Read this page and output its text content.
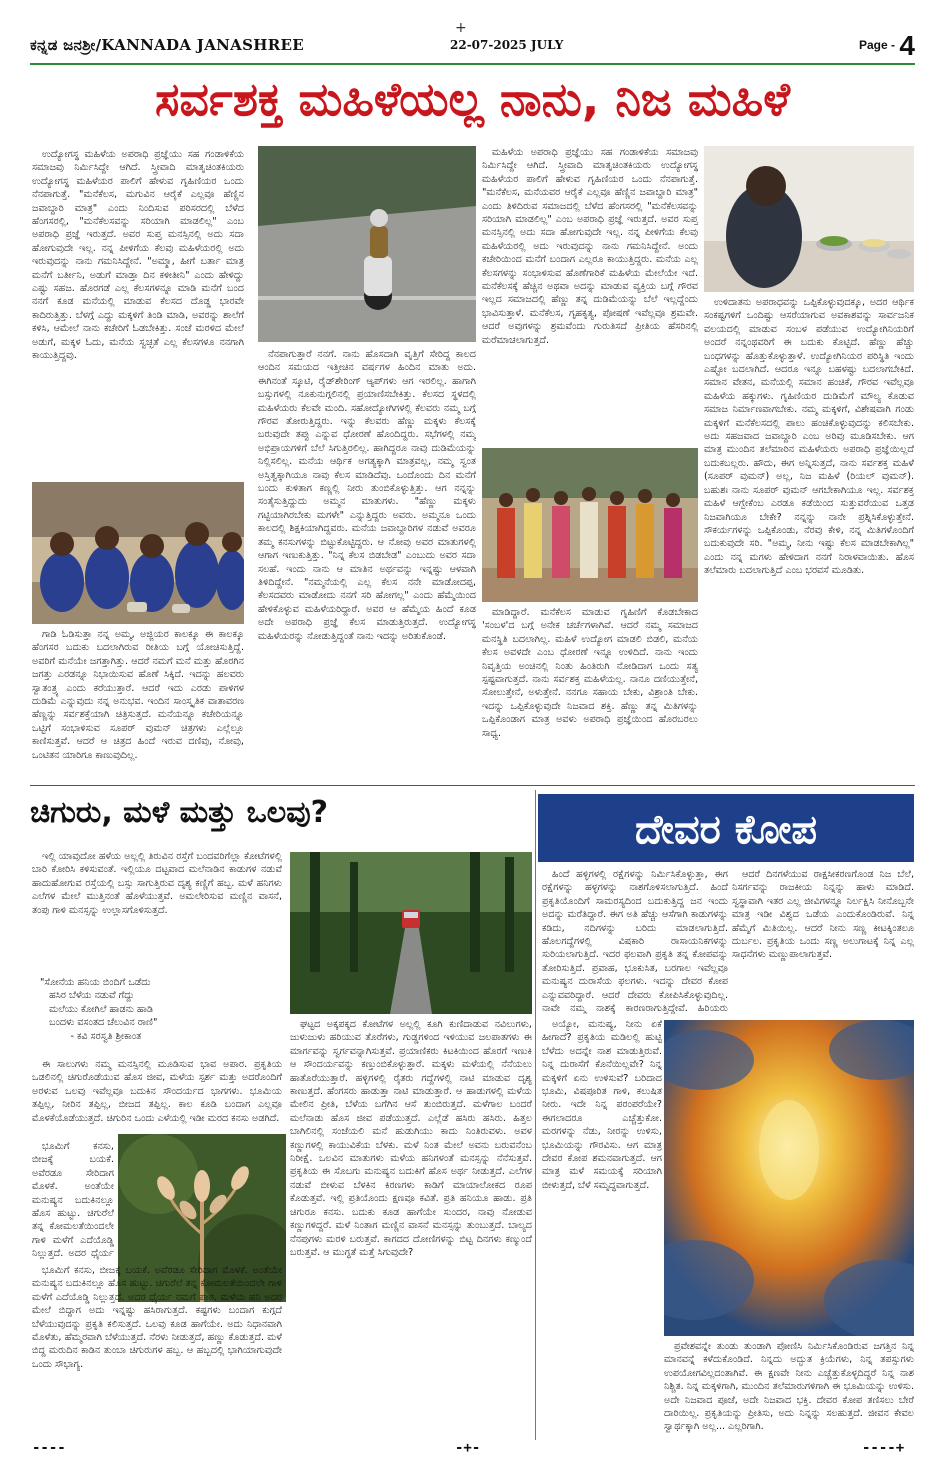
ಕನ್ನಡ ಜನಶ್ರೀ/KANNADA JANASHREE
+
22-07-2025 JULY	$^{Page -}$ 4
ಸರ್ವಶಕ್ತ ಮಹಿಳೆಯಲ್ಲ ನಾನು, ನಿಜ ಮಹಿಳೆ

ಉದ್ಯೋಗಸ್ಥ ಮಹಿಳೆಯ ಅಪರಾಧಿ ಪ್ರಜ್ಞೆಯು ಸಹ ಗಂಡಾಳಿಕೆಯ ಸಮಾಜವು ನಿರ್ಮಿಸಿದ್ದೇ ಆಗಿದೆ. ಸ್ತ್ರೀವಾದಿ ಮಾತೃಚಿಂತಕಿಯರು ಉದ್ಯೋಗಸ್ಥ ಮಹಿಳೆಯರ ಪಾಲಿಗೆ ಹೇಳುವ ಗೃಹಿಣಿಯರ ಒಂದು ನೆನಪಾಗುತ್ತೆ. "ಮನೆಕೆಲಸ, ಮಗುವಿನ ಆರೈಕೆ ಎಲ್ಲವೂ ಹೆಣ್ಣಿನ ಜವಾಬ್ದಾರಿ ಮಾತ್ರ" ಎಂದು ನಿಂದಿಸುವ ಪರಿಸರದಲ್ಲಿ ಬೆಳೆದ ಹೆಂಗಸರಲ್ಲಿ, "ಮನೆಕೆಲಸವನ್ನು ಸರಿಯಾಗಿ ಮಾಡಲಿಲ್ಲ" ಎಂಬ ಅಪರಾಧಿ ಪ್ರಜ್ಞೆ ಇರುತ್ತದೆ. ಅವರ ಸುಪ್ತ ಮನಸ್ಸಿನಲ್ಲಿ ಅದು ಸದಾ ಹೋಗುವುದೇ ಇಲ್ಲ. ನನ್ನ ಪೀಳಿಗೆಯ ಕೆಲವು ಮಹಿಳೆಯರಲ್ಲಿ ಅದು ಇರುವುದನ್ನು ನಾನು ಗಮನಿಸಿದ್ದೇನೆ. "ಅಮ್ಮಾ, ಹೀಗೆ ಬರ್ತಾ ಮಾತ್ರ ಮನೆಗೆ ಬರ್ತೀನಿ, ಅಡುಗೆ ಮಾಡ್ತಾ ದಿನ ಕಳೀತೀನಿ" ಎಂದು ಹೇಳಿದ್ದು ಎಷ್ಟು ಸಹಜ. ಹೊರಗಡೆ ಎಲ್ಲ ಕೆಲಸಗಳನ್ನೂ ಮಾಡಿ ಮನೆಗೆ ಬಂದ ನನಗೆ ಕೂಡ ಮನೆಯಲ್ಲಿ ಮಾಡುವ ಕೆಲಸದ ದೊಡ್ಡ ಭಾರವೇ ಕಾದಿರುತ್ತಿತ್ತು. ಬೆಳಗ್ಗೆ ಎದ್ದು ಮಕ್ಕಳಿಗೆ ತಿಂಡಿ ಮಾಡಿ, ಅವರನ್ನು ಶಾಲೆಗೆ ಕಳಿಸಿ, ಆಮೇಲೆ ನಾನು ಕಚೇರಿಗೆ ಓಡಬೇಕಿತ್ತು. ಸಂಜೆ ಮರಳಿದ ಮೇಲೆ ಅಡುಗೆ, ಮಕ್ಕಳ ಓದು, ಮನೆಯ ಸ್ವಚ್ಛತೆ ಎಲ್ಲ ಕೆಲಸಗಳೂ ನನಗಾಗಿ ಕಾಯುತ್ತಿದ್ದವು.

ಗಾಡಿ ಓಡಿಸುತ್ತಾ ನನ್ನ ಅಮ್ಮ, ಅಜ್ಜಿಯರ ಕಾಲಕ್ಕೂ ಈ ಕಾಲಕ್ಕೂ ಹೆಂಗಸರ ಬದುಕು ಬದಲಾಗಿರುವ ರೀತಿಯ ಬಗ್ಗೆ ಯೋಚಿಸುತ್ತಿದ್ದೆ. ಅವರಿಗೆ ಮನೆಯೇ ಜಗತ್ತಾಗಿತ್ತು. ಆದರೆ ನಮಗೆ ಮನೆ ಮತ್ತು ಹೊರಗಿನ ಜಗತ್ತು ಎರಡನ್ನೂ ನಿಭಾಯಿಸುವ ಹೊಣೆ ಸಿಕ್ಕಿದೆ. ಇದನ್ನು ಹಲವರು ಸ್ವಾತಂತ್ರ್ಯ ಎಂದು ಕರೆಯುತ್ತಾರೆ. ಆದರೆ ಇದು ಎರಡು ಪಾಳಿಗಳ ದುಡಿಮೆ ಎನ್ನುವುದು ನನ್ನ ಅನುಭವ. ಇಂದಿನ ಸಾಂಸ್ಕೃತಿಕ ವಾತಾವರಣ ಹೆಣ್ಣನ್ನು ಸರ್ವಶಕ್ತೆಯಾಗಿ ಚಿತ್ರಿಸುತ್ತದೆ. ಮನೆಯನ್ನೂ ಕಚೇರಿಯನ್ನೂ ಒಟ್ಟಿಗೆ ಸಂಭಾಳಿಸುವ ಸೂಪರ್ ವುಮನ್ ಚಿತ್ರಗಳು ಎಲ್ಲೆಲ್ಲೂ ಕಾಣಿಸುತ್ತವೆ. ಆದರೆ ಆ ಚಿತ್ರದ ಹಿಂದೆ ಇರುವ ದಣಿವು, ನೋವು, ಒಂಟಿತನ ಯಾರಿಗೂ ಕಾಣುವುದಿಲ್ಲ.

ನೆನಪಾಗುತ್ತಾರೆ ನನಗೆ. ನಾನು ಹೊಸದಾಗಿ ವೃತ್ತಿಗೆ ಸೇರಿದ್ದ ಕಾಲದ ಆಂದಿನ ಸಮಯದ ಇತ್ತೀಚಿನ ವರ್ಷಗಳ ಹಿಂದಿನ ಮಾತು ಅದು. ಈಗಿನಂತೆ ಸ್ಕೂಟಿ, ರೈಡ್‌ಶೇರಿಂಗ್ ಆ್ಯಪ್‌ಗಳು ಆಗ ಇರಲಿಲ್ಲ. ಹಾಗಾಗಿ ಬಸ್ಸುಗಳಲ್ಲಿ ನೂಕುನುಗ್ಗಲಿನಲ್ಲಿ ಪ್ರಯಾಣಿಸಬೇಕಿತ್ತು. ಕೆಲಸದ ಸ್ಥಳದಲ್ಲಿ ಮಹಿಳೆಯರು ಕೆಲವೇ ಮಂದಿ. ಸಹೋದ್ಯೋಗಿಗಳಲ್ಲಿ ಕೆಲವರು ನಮ್ಮ ಬಗ್ಗೆ ಗೌರವ ತೋರುತ್ತಿದ್ದರು. ಇನ್ನು ಕೆಲವರು ಹೆಣ್ಣು ಮಕ್ಕಳು ಕೆಲಸಕ್ಕೆ ಬರುವುದೇ ತಪ್ಪು ಎನ್ನುವ ಧೋರಣೆ ಹೊಂದಿದ್ದರು. ಸಭೆಗಳಲ್ಲಿ ನಮ್ಮ ಅಭಿಪ್ರಾಯಗಳಿಗೆ ಬೆಲೆ ಸಿಗುತ್ತಿರಲಿಲ್ಲ. ಹಾಗಿದ್ದರೂ ನಾವು ದುಡಿಮೆಯನ್ನು ನಿಲ್ಲಿಸಲಿಲ್ಲ. ಮನೆಯ ಆರ್ಥಿಕ ಅಗತ್ಯಕ್ಕಾಗಿ ಮಾತ್ರವಲ್ಲ, ನಮ್ಮ ಸ್ವಂತ ಅಸ್ತಿತ್ವಕ್ಕಾಗಿಯೂ ನಾವು ಕೆಲಸ ಮಾಡಿದೆವು. ಒಂದೊಂದು ದಿನ ಮನೆಗೆ ಬಂದು ಕುಳಿತಾಗ ಕಣ್ಣಲ್ಲಿ ನೀರು ತುಂಬಿಕೊಳ್ಳುತ್ತಿತ್ತು. ಆಗ ನನ್ನನ್ನು ಸಂತೈಸುತ್ತಿದ್ದುದು ಅಮ್ಮನ ಮಾತುಗಳು. "ಹೆಣ್ಣು ಮಕ್ಕಳು ಗಟ್ಟಿಯಾಗಿರಬೇಕು ಮಗಳೇ" ಎನ್ನುತ್ತಿದ್ದರು ಅವರು. ಅಮ್ಮನೂ ಒಂದು ಕಾಲದಲ್ಲಿ ಶಿಕ್ಷಕಿಯಾಗಿದ್ದವರು. ಮನೆಯ ಜವಾಬ್ದಾರಿಗಳ ನಡುವೆ ಅವರೂ ತಮ್ಮ ಕನಸುಗಳನ್ನು ಬಿಟ್ಟುಕೊಟ್ಟಿದ್ದರು. ಆ ನೋವು ಅವರ ಮಾತುಗಳಲ್ಲಿ ಆಗಾಗ ಇಣುಕುತ್ತಿತ್ತು. "ನಿನ್ನ ಕೆಲಸ ಬಿಡಬೇಡ" ಎಂಬುದು ಅವರ ಸದಾ ಸಲಹೆ. ಇಂದು ನಾನು ಆ ಮಾತಿನ ಅರ್ಥವನ್ನು ಇನ್ನಷ್ಟು ಆಳವಾಗಿ ತಿಳಿದಿದ್ದೇನೆ. "ನಮ್ಮನೆಯಲ್ಲಿ ಎಲ್ಲ ಕೆಲಸ ನನೇ ಮಾಡೋದಪ್ಪ, ಕೆಲಸದವರು ಮಾಡೋದು ನನಗೆ ಸರಿ ಹೋಗಲ್ಲ" ಎಂದು ಹೆಮ್ಮೆಯಿಂದ ಹೇಳಿಕೊಳ್ಳುವ ಮಹಿಳೆಯರಿದ್ದಾರೆ. ಅವರ ಆ ಹೆಮ್ಮೆಯ ಹಿಂದೆ ಕೂಡ ಅದೇ ಅಪರಾಧಿ ಪ್ರಜ್ಞೆ ಕೆಲಸ ಮಾಡುತ್ತಿರುತ್ತದೆ. ಉದ್ಯೋಗಸ್ಥ ಮಹಿಳೆಯರನ್ನು ನೋಡುತ್ತಿದ್ದಂತೆ ನಾನು ಇದನ್ನು ಅರಿತುಕೊಂಡೆ.

ಮಹಿಳೆಯ ಅಪರಾಧಿ ಪ್ರಜ್ಞೆಯು ಸಹ ಗಂಡಾಳಿಕೆಯ ಸಮಾಜವು ನಿರ್ಮಿಸಿದ್ದೇ ಆಗಿದೆ. ಸ್ತ್ರೀವಾದಿ ಮಾತೃಚಿಂತಕಿಯರು ಉದ್ಯೋಗಸ್ಥ ಮಹಿಳೆಯರ ಪಾಲಿಗೆ ಹೇಳುವ ಗೃಹಿಣಿಯರ ಒಂದು ನೆನಪಾಗುತ್ತೆ. "ಮನೆಕೆಲಸ, ಮನೆಯವರ ಆರೈಕೆ ಎಲ್ಲವೂ ಹೆಣ್ಣಿನ ಜವಾಬ್ದಾರಿ ಮಾತ್ರ" ಎಂದು ತಿಳಿದಿರುವ ಸಮಾಜದಲ್ಲಿ ಬೆಳೆದ ಹೆಂಗಸರಲ್ಲಿ "ಮನೆಕೆಲಸವನ್ನು ಸರಿಯಾಗಿ ಮಾಡಲಿಲ್ಲ" ಎಂಬ ಅಪರಾಧಿ ಪ್ರಜ್ಞೆ ಇರುತ್ತದೆ. ಅವರ ಸುಪ್ತ ಮನಸ್ಸಿನಲ್ಲಿ ಅದು ಸದಾ ಹೋಗುವುದೇ ಇಲ್ಲ. ನನ್ನ ಪೀಳಿಗೆಯ ಕೆಲವು ಮಹಿಳೆಯರಲ್ಲಿ ಅದು ಇರುವುದನ್ನು ನಾನು ಗಮನಿಸಿದ್ದೇನೆ. ಅಂದು ಕಚೇರಿಯಿಂದ ಮನೆಗೆ ಬಂದಾಗ ಎಲ್ಲರೂ ಕಾಯುತ್ತಿದ್ದರು. ಮನೆಯ ಎಲ್ಲ ಕೆಲಸಗಳನ್ನು ಸಂಭಾಳಿಸುವ ಹೊಣೆಗಾರಿಕೆ ಮಹಿಳೆಯ ಮೇಲೆಯೇ ಇದೆ. ಮನೆಕೆಲಸಕ್ಕೆ ಹೆಚ್ಚಿನ ಅಥವಾ ಅದನ್ನು ಮಾಡುವ ವ್ಯಕ್ತಿಯ ಬಗ್ಗೆ ಗೌರವ ಇಲ್ಲದ ಸಮಾಜದಲ್ಲಿ ಹೆಣ್ಣು ತನ್ನ ದುಡಿಮೆಯನ್ನು ಬೆಲೆ ಇಲ್ಲದ್ದೆಂದು ಭಾವಿಸುತ್ತಾಳೆ. ಮನೆಕೆಲಸ, ಗೃಹಕೃತ್ಯ, ಪೋಷಣೆ ಇವೆಲ್ಲವೂ ಶ್ರಮವೇ. ಆದರೆ ಅವುಗಳನ್ನು ಶ್ರಮವೆಂದು ಗುರುತಿಸದೆ ಪ್ರೀತಿಯ ಹೆಸರಿನಲ್ಲಿ ಮರೆಮಾಚಲಾಗುತ್ತದೆ.

ಮಾಡಿದ್ದಾರೆ. ಮನೆಕೆಲಸ ಮಾಡುವ ಗೃಹಿಣಿಗೆ ಕೊಡಬೇಕಾದ 'ಸಂಬಳ'ದ ಬಗ್ಗೆ ಅನೇಕ ಚರ್ಚೆಗಳಾಗಿವೆ. ಆದರೆ ನಮ್ಮ ಸಮಾಜದ ಮನಸ್ಥಿತಿ ಬದಲಾಗಿಲ್ಲ. ಮಹಿಳೆ ಉದ್ಯೋಗ ಮಾಡಲಿ ಬಿಡಲಿ, ಮನೆಯ ಕೆಲಸ ಅವಳದೇ ಎಂಬ ಧೋರಣೆ ಇನ್ನೂ ಉಳಿದಿದೆ. ನಾನು ಇಂದು ನಿವೃತ್ತಿಯ ಅಂಚಿನಲ್ಲಿ ನಿಂತು ಹಿಂತಿರುಗಿ ನೋಡಿದಾಗ ಒಂದು ಸತ್ಯ ಸ್ಪಷ್ಟವಾಗುತ್ತದೆ. ನಾನು ಸರ್ವಶಕ್ತ ಮಹಿಳೆಯಲ್ಲ. ನಾನೂ ದಣಿಯುತ್ತೇನೆ, ಸೋಲುತ್ತೇನೆ, ಅಳುತ್ತೇನೆ. ನನಗೂ ಸಹಾಯ ಬೇಕು, ವಿಶ್ರಾಂತಿ ಬೇಕು. ಇದನ್ನು ಒಪ್ಪಿಕೊಳ್ಳುವುದೇ ನಿಜವಾದ ಶಕ್ತಿ. ಹೆಣ್ಣು ತನ್ನ ಮಿತಿಗಳನ್ನು ಒಪ್ಪಿಕೊಂಡಾಗ ಮಾತ್ರ ಅವಳು ಅಪರಾಧಿ ಪ್ರಜ್ಞೆಯಿಂದ ಹೊರಬರಲು ಸಾಧ್ಯ.

ಉಳಿದಾತನು ಅಪರಾಧವನ್ನು ಒಪ್ಪಿಕೊಳ್ಳುವುದಕ್ಕೂ, ಅದರ ಆರ್ಥಿಕ ಸಂಕಷ್ಟಗಳಿಗೆ ಒಂದಿಷ್ಟು ಆಸರೆಯಾಗುವ ಅವಕಾಶವನ್ನು ಸಾರ್ವಜನಿಕ ವಲಯದಲ್ಲಿ ಮಾಡುವ ಸಂಬಳ ಪಡೆಯುವ ಉದ್ಯೋಗಿನಿಯರಿಗೆ ಅಂದರೆ ನನ್ನಂಥವರಿಗೆ ಈ ಬದುಕು ಕೊಟ್ಟಿದೆ. ಹೆಣ್ಣು ಹೆಚ್ಚು ಬಂಧಗಳನ್ನು ಹೊತ್ತುಕೊಳ್ಳುತ್ತಾಳೆ. ಉದ್ಯೋಗಿನಿಯರ ಪರಿಸ್ಥಿತಿ ಇಂದು ಎಷ್ಟೋ ಬದಲಾಗಿದೆ. ಆದರೂ ಇನ್ನೂ ಬಹಳಷ್ಟು ಬದಲಾಗಬೇಕಿದೆ. ಸಮಾನ ವೇತನ, ಮನೆಯಲ್ಲಿ ಸಮಾನ ಹಂಚಿಕೆ, ಗೌರವ ಇವೆಲ್ಲವೂ ಮಹಿಳೆಯ ಹಕ್ಕುಗಳು. ಗೃಹಿಣಿಯರ ದುಡಿಮೆಗೆ ಮೌಲ್ಯ ಕೊಡುವ ಸಮಾಜ ನಿರ್ಮಾಣವಾಗಬೇಕು. ನಮ್ಮ ಮಕ್ಕಳಿಗೆ, ವಿಶೇಷವಾಗಿ ಗಂಡು ಮಕ್ಕಳಿಗೆ ಮನೆಕೆಲಸದಲ್ಲಿ ಪಾಲು ಹಂಚಿಕೊಳ್ಳುವುದನ್ನು ಕಲಿಸಬೇಕು. ಅದು ಸಹಜವಾದ ಜವಾಬ್ದಾರಿ ಎಂಬ ಅರಿವು ಮೂಡಿಸಬೇಕು. ಆಗ ಮಾತ್ರ ಮುಂದಿನ ತಲೆಮಾರಿನ ಮಹಿಳೆಯರು ಅಪರಾಧಿ ಪ್ರಜ್ಞೆಯಿಲ್ಲದೆ ಬದುಕಬಲ್ಲರು. ಹೌದು, ಈಗ ಅನ್ನಿಸುತ್ತದೆ, ನಾನು ಸರ್ವಶಕ್ತ ಮಹಿಳೆ (ಸೂಪರ್ ವುಮನ್) ಅಲ್ಲ, ನಿಜ ಮಹಿಳೆ (ರಿಯಲ್ ವುಮನ್). ಬಹುಶಃ ನಾನು ಸೂಪರ್ ವುಮನ್ ಆಗಬೇಕಾಗಿಯೂ ಇಲ್ಲ. ಸರ್ವಶಕ್ತ ಮಹಿಳೆ ಆಗ್ಬೇಕೆಂಬ ಎರಡೂ ಕಡೆಯಿಂದ ಸುತ್ತುವರೆಯುವ ಒತ್ತಡ ನಿಜವಾಗಿಯೂ ಬೇಕೇ? ನನ್ನನ್ನು ನಾನೇ ಪ್ರಶ್ನಿಸಿಕೊಳ್ಳುತ್ತೇನೆ. ಸೌಕರ್ಯಗಳನ್ನು ಒಪ್ಪಿಕೊಂಡು, ನೆರವು ಕೇಳಿ, ನನ್ನ ಮಿತಿಗಳೊಂದಿಗೆ ಬದುಕುವುದೇ ಸರಿ. "ಅಮ್ಮ, ನೀನು ಇಷ್ಟು ಕೆಲಸ ಮಾಡಬೇಕಾಗಿಲ್ಲ" ಎಂದು ನನ್ನ ಮಗಳು ಹೇಳಿದಾಗ ನನಗೆ ನಿರಾಳವಾಯಿತು. ಹೊಸ ತಲೆಮಾರು ಬದಲಾಗುತ್ತಿದೆ ಎಂಬ ಭರವಸೆ ಮೂಡಿತು.

ಚಿಗುರು, ಮಳೆ ಮತ್ತು ಒಲವು?

ಇಲ್ಲಿ ಯಾವುದೋ ಹಳೆಯ ಅಲ್ಲಲ್ಲಿ ತಿರುವಿನ ರಸ್ತೆಗೆ ಬಂದವರಿಗೆಲ್ಲಾ ಕೋಟೆಗಳಲ್ಲಿ ಬಾರಿ ಕೋರಿಸಿ ಕಳಿಸುವಂತೆ. ಇಲ್ಲಿಯೂ ದಟ್ಟವಾದ ಮಲೆನಾಡಿನ ಕಾಡುಗಳ ನಡುವೆ ಹಾದುಹೋಗುವ ರಸ್ತೆಯಲ್ಲಿ ಬಸ್ಸು ಸಾಗುತ್ತಿರುವ ದೃಶ್ಯ ಕಣ್ಣಿಗೆ ಹಬ್ಬ. ಮಳೆ ಹನಿಗಳು ಎಲೆಗಳ ಮೇಲೆ ಮುತ್ತಿನಂತೆ ಹೊಳೆಯುತ್ತವೆ. ಅಮಲೇರಿಸುವ ಮಣ್ಣಿನ ವಾಸನೆ, ತಂಪು ಗಾಳಿ ಮನಸ್ಸನ್ನು ಉಲ್ಲಾಸಗೊಳಿಸುತ್ತದೆ.

"ಸೋನೆಯ ಹನಿಯ ಬಿಂದಿಗೆ ಒಡೆದು
ಹಸಿರ ಬೆಳೆಯ ನಡುವೆ ಗೆದ್ದು
ಮಲೆಯು ಕೋಗಿಲೆ ಹಾಡನು ಹಾಡಿ
ಬಂದಳು ವಸಂತದ ಚೆಲುವಿನ ರಾಣಿ"
- ಕವಿ ಸರಸ್ವತಿ ಶ್ರೀಕಾಂತ

ಈ ಸಾಲುಗಳು ನಮ್ಮ ಮನಸ್ಸಿನಲ್ಲಿ ಮೂಡಿಸುವ ಭಾವ ಅಪಾರ. ಪ್ರಕೃತಿಯ ಒಡಲಿನಲ್ಲಿ ಚಿಗುರೊಡೆಯುವ ಹೊಸ ಜೀವ, ಮಳೆಯ ಸ್ಪರ್ಶ ಮತ್ತು ಅದರೊಂದಿಗೆ ಅರಳುವ ಒಲವು ಇವೆಲ್ಲವೂ ಬದುಕಿನ ಸೌಂದರ್ಯದ ಭಾಗಗಳು. ಭೂಮಿಯ ತಪ್ಪಿಲ್ಲ, ನೀರಿನ ತಪ್ಪಿಲ್ಲ, ಬೀಜದ ತಪ್ಪಿಲ್ಲ. ಕಾಲ ಕೂಡಿ ಬಂದಾಗ ಎಲ್ಲವೂ ಮೊಳಕೆಯೊಡೆಯುತ್ತದೆ. ಚಿಗುರಿನ ಒಂದು ಎಳೆಯಲ್ಲಿ ಇಡೀ ಮರದ ಕನಸು ಅಡಗಿದೆ.

ಭೂಮಿಗೆ ಕನಸು, ಬೀಜಕ್ಕೆ ಬಯಕೆ. ಅವೆರಡೂ ಸೇರಿದಾಗ ಮೊಳಕೆ. ಅಂತೆಯೇ ಮನುಷ್ಯನ ಬದುಕಿನಲ್ಲೂ ಹೊಸ ಹುಟ್ಟು. ಚಿಗುರೆಲೆ ತನ್ನ ಕೋಮಲತೆಯಿಂದಲೇ ಗಾಳಿ ಮಳೆಗೆ ಎದೆಯೊಡ್ಡಿ ನಿಲ್ಲುತ್ತದೆ. ಅದರ ಧೈರ್ಯ

ಭೂಮಿಗೆ ಕನಸು, ಬೀಜಕ್ಕೆ ಬಯಕೆ. ಅವೆರಡೂ ಸೇರಿದಾಗ ಮೊಳಕೆ. ಅಂತೆಯೇ ಮನುಷ್ಯನ ಬದುಕಿನಲ್ಲೂ ಹೊಸ ಹುಟ್ಟು. ಚಿಗುರೆಲೆ ತನ್ನ ಕೋಮಲತೆಯಿಂದಲೇ ಗಾಳಿ ಮಳೆಗೆ ಎದೆಯೊಡ್ಡಿ ನಿಲ್ಲುತ್ತದೆ. ಅದರ ಧೈರ್ಯ ನಮಗೆ ಪಾಠ. ಮಳೆಯ ಹನಿ ಅದರ ಮೇಲೆ ಬಿದ್ದಾಗ ಅದು ಇನ್ನಷ್ಟು ಹಸಿರಾಗುತ್ತದೆ. ಕಷ್ಟಗಳು ಬಂದಾಗ ಕುಗ್ಗದೆ ಬೆಳೆಯುವುದನ್ನು ಪ್ರಕೃತಿ ಕಲಿಸುತ್ತದೆ. ಒಲವು ಕೂಡ ಹಾಗೆಯೇ. ಅದು ನಿಧಾನವಾಗಿ ಮೊಳೆತು, ಹೆಮ್ಮರವಾಗಿ ಬೆಳೆಯುತ್ತದೆ. ನೆರಳು ನೀಡುತ್ತದೆ, ಹಣ್ಣು ಕೊಡುತ್ತದೆ. ಮಳೆ ಬಿದ್ದ ಮರುದಿನ ಕಾಡಿನ ತುಂಬಾ ಚಿಗುರುಗಳ ಹಬ್ಬ. ಆ ಹಬ್ಬದಲ್ಲಿ ಭಾಗಿಯಾಗುವುದೇ ಒಂದು ಸೌಭಾಗ್ಯ.

ಘಟ್ಟದ ಅಕ್ಕಪಕ್ಕದ ಕೋಟೆಗಳ ಅಲ್ಲಲ್ಲಿ ಕೂಗಿ ಕುಣಿದಾಡುವ ನವಿಲುಗಳು, ಜುಳುಜುಳು ಹರಿಯುವ ತೊರೆಗಳು, ಗುಡ್ಡಗಳಿಂದ ಇಳಿಯುವ ಜಲಪಾತಗಳು ಈ ಮಾರ್ಗವನ್ನು ಸ್ವರ್ಗವನ್ನಾಗಿಸುತ್ತವೆ. ಪ್ರಯಾಣಿಕರು ಕಿಟಕಿಯಿಂದ ಹೊರಗೆ ಇಣುಕಿ ಆ ಸೌಂದರ್ಯವನ್ನು ಕಣ್ತುಂಬಿಕೊಳ್ಳುತ್ತಾರೆ. ಮಕ್ಕಳು ಮಳೆಯಲ್ಲಿ ನೆನೆಯಲು ಹಾತೊರೆಯುತ್ತಾರೆ. ಹಳ್ಳಿಗಳಲ್ಲಿ ರೈತರು ಗದ್ದೆಗಳಲ್ಲಿ ನಾಟಿ ಮಾಡುವ ದೃಶ್ಯ ಕಾಣುತ್ತದೆ. ಹೆಂಗಸರು ಹಾಡುತ್ತಾ ನಾಟಿ ಮಾಡುತ್ತಾರೆ. ಆ ಹಾಡುಗಳಲ್ಲಿ ಮಳೆಯ ಮೇಲಿನ ಪ್ರೀತಿ, ಬೆಳೆಯ ಬಗೆಗಿನ ಆಸೆ ತುಂಬಿರುತ್ತದೆ. ಮಳೆಗಾಲ ಬಂದರೆ ಮಲೆನಾಡು ಹೊಸ ಜೀವ ಪಡೆಯುತ್ತದೆ. ಎಲ್ಲೆಡೆ ಹಸಿರು ಹಸಿರು. ಹಿತ್ತಲ ಬಾಗಿಲಿನಲ್ಲಿ ಸಂಜೆಯಲಿ ಮನೆ ಹುಡುಗಿಯು ಕಾದು ನಿಂತಿರುವಳು. ಅವಳ ಕಣ್ಣುಗಳಲ್ಲಿ ಕಾಯುವಿಕೆಯ ಬೆಳಕು. ಮಳೆ ನಿಂತ ಮೇಲೆ ಅವನು ಬರುವನೆಂಬ ನಿರೀಕ್ಷೆ. ಒಲವಿನ ಮಾತುಗಳು ಮಳೆಯ ಹನಿಗಳಂತೆ ಮನಸ್ಸನ್ನು ನೆನೆಸುತ್ತವೆ. ಪ್ರಕೃತಿಯ ಈ ಸೊಬಗು ಮನುಷ್ಯನ ಬದುಕಿಗೆ ಹೊಸ ಅರ್ಥ ನೀಡುತ್ತದೆ. ಎಲೆಗಳ ನಡುವೆ ಬೀಳುವ ಬೆಳಕಿನ ಕಿರಣಗಳು ಕಾಡಿಗೆ ಮಾಯಾಲೋಕದ ರೂಪ ಕೊಡುತ್ತವೆ. ಇಲ್ಲಿ ಪ್ರತಿಯೊಂದು ಕ್ಷಣವೂ ಕವಿತೆ. ಪ್ರತಿ ಹನಿಯೂ ಹಾಡು. ಪ್ರತಿ ಚಿಗುರೂ ಕನಸು. ಬದುಕು ಕೂಡ ಹಾಗೆಯೇ ಸುಂದರ, ನಾವು ನೋಡುವ ಕಣ್ಣುಗಳಿದ್ದರೆ. ಮಳೆ ನಿಂತಾಗ ಮಣ್ಣಿನ ವಾಸನೆ ಮನಸ್ಸನ್ನು ತುಂಬುತ್ತದೆ. ಬಾಲ್ಯದ ನೆನಪುಗಳು ಮರಳಿ ಬರುತ್ತವೆ. ಕಾಗದದ ದೋಣಿಗಳನ್ನು ಬಿಟ್ಟ ದಿನಗಳು ಕಣ್ಮುಂದೆ ಬರುತ್ತವೆ. ಆ ಮುಗ್ಧತೆ ಮತ್ತೆ ಸಿಗುವುದೇ?

ದೇವರ ಕೋಪ

ಹಿಂದೆ ಹಳ್ಳಿಗಳಲ್ಲಿ ರಕ್ಷೆಗಳನ್ನು ನಿರ್ಮಿಸಿಕೊಳ್ಳುತ್ತಾ, ಈಗ ರಕ್ಷೆಗಳನ್ನು ಹಳ್ಳಗಳನ್ನು ನಾಶಗೊಳಿಸಲಾಗುತ್ತಿದೆ. ಹಿಂದೆ ಪ್ರಕೃತಿಯೊಂದಿಗೆ ಸಾಮರಸ್ಯದಿಂದ ಬದುಕುತ್ತಿದ್ದ ಜನ ಇಂದು ಅದನ್ನು ಮರೆತಿದ್ದಾರೆ. ಈಗ ಅತಿ ಹೆಚ್ಚು ಆಸೆಗಾಗಿ ಕಾಡುಗಳನ್ನು ಕಡಿದು, ನದಿಗಳನ್ನು ಬರಿದು ಮಾಡಲಾಗುತ್ತಿದೆ. ಹೊಲಗದ್ದೆಗಳಲ್ಲಿ ವಿಷಕಾರಿ ರಾಸಾಯನಿಕಗಳನ್ನು ಸುರಿಯಲಾಗುತ್ತಿದೆ. ಇದರ ಫಲವಾಗಿ ಪ್ರಕೃತಿ ತನ್ನ ಕೋಪವನ್ನು ತೋರಿಸುತ್ತಿದೆ. ಪ್ರವಾಹ, ಭೂಕುಸಿತ, ಬರಗಾಲ ಇವೆಲ್ಲವೂ ಮನುಷ್ಯನ ದುರಾಸೆಯ ಫಲಗಳು. ಇದನ್ನು ದೇವರ ಕೋಪ ಎನ್ನುವವರಿದ್ದಾರೆ. ಆದರೆ ದೇವರು ಕೋಪಿಸಿಕೊಳ್ಳುವುದಿಲ್ಲ. ನಾವೇ ನಮ್ಮ ನಾಶಕ್ಕೆ ಕಾರಣರಾಗುತ್ತಿದ್ದೇವೆ. ಹಿರಿಯರು

ಆದರೆ ದಿನಗಳೆಯುವ ರಾಕ್ಷಸೀಕರಣಗೊಂಡ ನಿಜ ಬೆಲೆ, ನಿಸರ್ಗವನ್ನು ರಾಜಕೀಯ ನಿನ್ನನ್ನು ಹಾಳು ಮಾಡಿದೆ. ಸ್ವಸ್ಥಾವಾಗಿ ಇತರ ಎಲ್ಲ ಜೀವಿಗಳನ್ನೂ ನಿರ್ಲಕ್ಷಿಸಿ ನೀನೊಬ್ಬನೇ ಮಾತ್ರ ಇಡೀ ವಿಶ್ವದ ಒಡೆಯ ಎಂದುಕೊಂಡಿರುವೆ. ನಿನ್ನ ಹೆಮ್ಮೆಗೆ ಮಿತಿಯಿಲ್ಲ. ಆದರೆ ನೀನು ಸಣ್ಣ ಕೀಟಕ್ಕಿಂತಲೂ ದುರ್ಬಲ. ಪ್ರಕೃತಿಯ ಒಂದು ಸಣ್ಣ ಅಲುಗಾಟಕ್ಕೆ ನಿನ್ನ ಎಲ್ಲ ಸಾಧನೆಗಳು ಮಣ್ಣುಪಾಲಾಗುತ್ತವೆ.

ಅಯ್ಯೋ, ಮನುಷ್ಯ, ನೀನು ಏಕೆ ಹೀಗಾದೆ? ಪ್ರಕೃತಿಯ ಮಡಿಲಲ್ಲಿ ಹುಟ್ಟಿ ಬೆಳೆದು ಅದನ್ನೇ ನಾಶ ಮಾಡುತ್ತಿರುವೆ. ನಿನ್ನ ದುರಾಸೆಗೆ ಕೊನೆಯಿಲ್ಲವೇ? ನಿನ್ನ ಮಕ್ಕಳಿಗೆ ಏನು ಉಳಿಸುವೆ? ಬರಿದಾದ ಭೂಮಿ, ವಿಷಪೂರಿತ ಗಾಳಿ, ಕಲುಷಿತ ನೀರು. ಇದೇ ನಿನ್ನ ಪರಂಪರೆಯೇ? ಈಗಲಾದರೂ ಎಚ್ಚೆತ್ತುಕೋ. ಮರಗಳನ್ನು ನೆಡು, ನೀರನ್ನು ಉಳಿಸು, ಭೂಮಿಯನ್ನು ಗೌರವಿಸು. ಆಗ ಮಾತ್ರ ದೇವರ ಕೋಪ ಶಮನವಾಗುತ್ತದೆ. ಆಗ ಮಾತ್ರ ಮಳೆ ಸಮಯಕ್ಕೆ ಸರಿಯಾಗಿ ಬೀಳುತ್ತದೆ, ಬೆಳೆ ಸಮೃದ್ಧವಾಗುತ್ತದೆ.

ಪ್ರವೇಶವನ್ನೇ ತುಂಡು ತುಂಡಾಗಿ ಪೋಣಿಸಿ ನಿರ್ಮಿಸಿಕೊಂಡಿರುವ ಜಗತ್ತಿನ ನಿನ್ನ ಮಾನವನ್ನೆ ಕಳೆದುಕೊಂಡಿದೆ. ನಿನ್ನದು ಅದ್ಭುತ ಕ್ರಿಯೆಗಳು, ನಿನ್ನ ತಪಸ್ಸುಗಳು ಉಪಯೋಗವಿಲ್ಲದಂತಾಗಿವೆ. ಈ ಕ್ಷಣವೇ ನೀನು ಎಚ್ಚೆತ್ತುಕೊಳ್ಳದಿದ್ದರೆ ನಿನ್ನ ನಾಶ ನಿಶ್ಚಿತ. ನಿನ್ನ ಮಕ್ಕಳಿಗಾಗಿ, ಮುಂದಿನ ತಲೆಮಾರುಗಳಿಗಾಗಿ ಈ ಭೂಮಿಯನ್ನು ಉಳಿಸು. ಅದೇ ನಿಜವಾದ ಪೂಜೆ, ಅದೇ ನಿಜವಾದ ಭಕ್ತಿ. ದೇವರ ಕೋಪ ತಣಿಸಲು ಬೇರೆ ದಾರಿಯಿಲ್ಲ. ಪ್ರಕೃತಿಯನ್ನು ಪ್ರೀತಿಸು, ಅದು ನಿನ್ನನ್ನು ಸಲಹುತ್ತದೆ. ಜೀವನ ಕೇವಲ ಸ್ವಾರ್ಥಕ್ಕಾಗಿ ಅಲ್ಲ... ಎಲ್ಲರಿಗಾಗಿ.

----	-+-	----+
